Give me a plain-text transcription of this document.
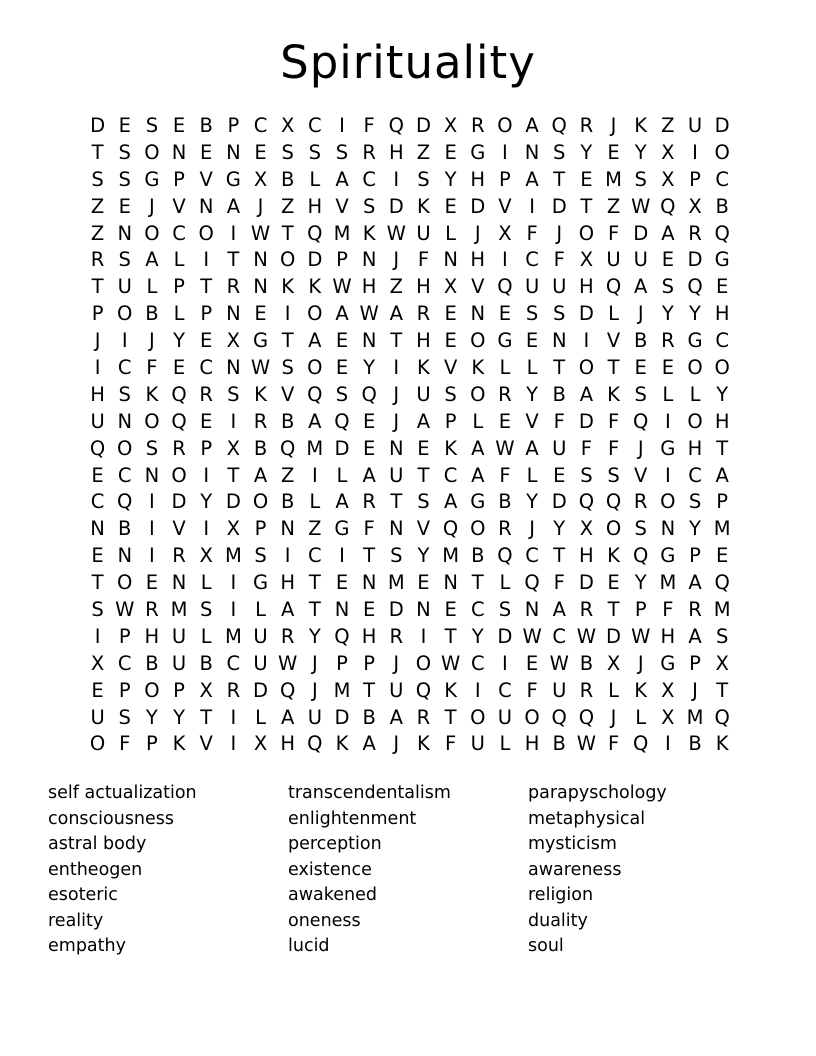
Spirituality
D E S E B P C X C I F Q D X R O A Q R J K Z U D
T S O N E N E S S S R H Z E G I N S Y E Y X I O
S S G P V G X B L A C I S Y H P A T E M S X P C
Z E J V N A J Z H V S D K E D V I D T Z W Q X B
Z N O C O I W T Q M K W U L J X F J O F D A R Q
R S A L I T N O D P N J F N H I C F X U U E D G
T U L P T R N K K W H Z H X V Q U U H Q A S Q E
P O B L P N E I O A W A R E N E S S D L J Y Y H
J	I	J Y E X G T A E N T H E O G E N I V B R G C
I C F E C N W S O E Y I K V K L L T O T E E O O
H S K Q R S K V Q S Q J U S O R Y B A K S L L Y
U N O Q E I R B A Q E J A P L E V F D F Q I O H
Q O S R P X B Q M D E N E K A W A U F F J G H T
E C N O I T A Z I L A U T C A F L E S S V I C A
C Q I D Y D O B L A R T S A G B Y D Q Q R O S P
N B I V I X P N Z G F N V Q O R J Y X O S N Y M
E N I R X M S I C I T S Y M B Q C T H K Q G P E
T O E N L I G H T E N M E N T L Q F D E Y M A Q
S W R M S I L A T N E D N E C S N A R T P F R M
I P H U L M U R Y Q H R I T Y D W C W D W H A S
X C B U B C U W J P P J O W C I E W B X J G P X
E P O P X R D Q J M T U Q K I C F U R L K X J T
U S Y Y T I L A U D B A R T O U O Q Q J L X M Q
O F P K V I X H Q K A J K F U L H B W F Q I B K
self actualization
consciousness
astral body
entheogen
esoteric
reality
empathy
transcendentalism
enlightenment
perception
existence
awakened
oneness
lucid
parapyschology
metaphysical
mysticism
awareness
religion
duality
soul
